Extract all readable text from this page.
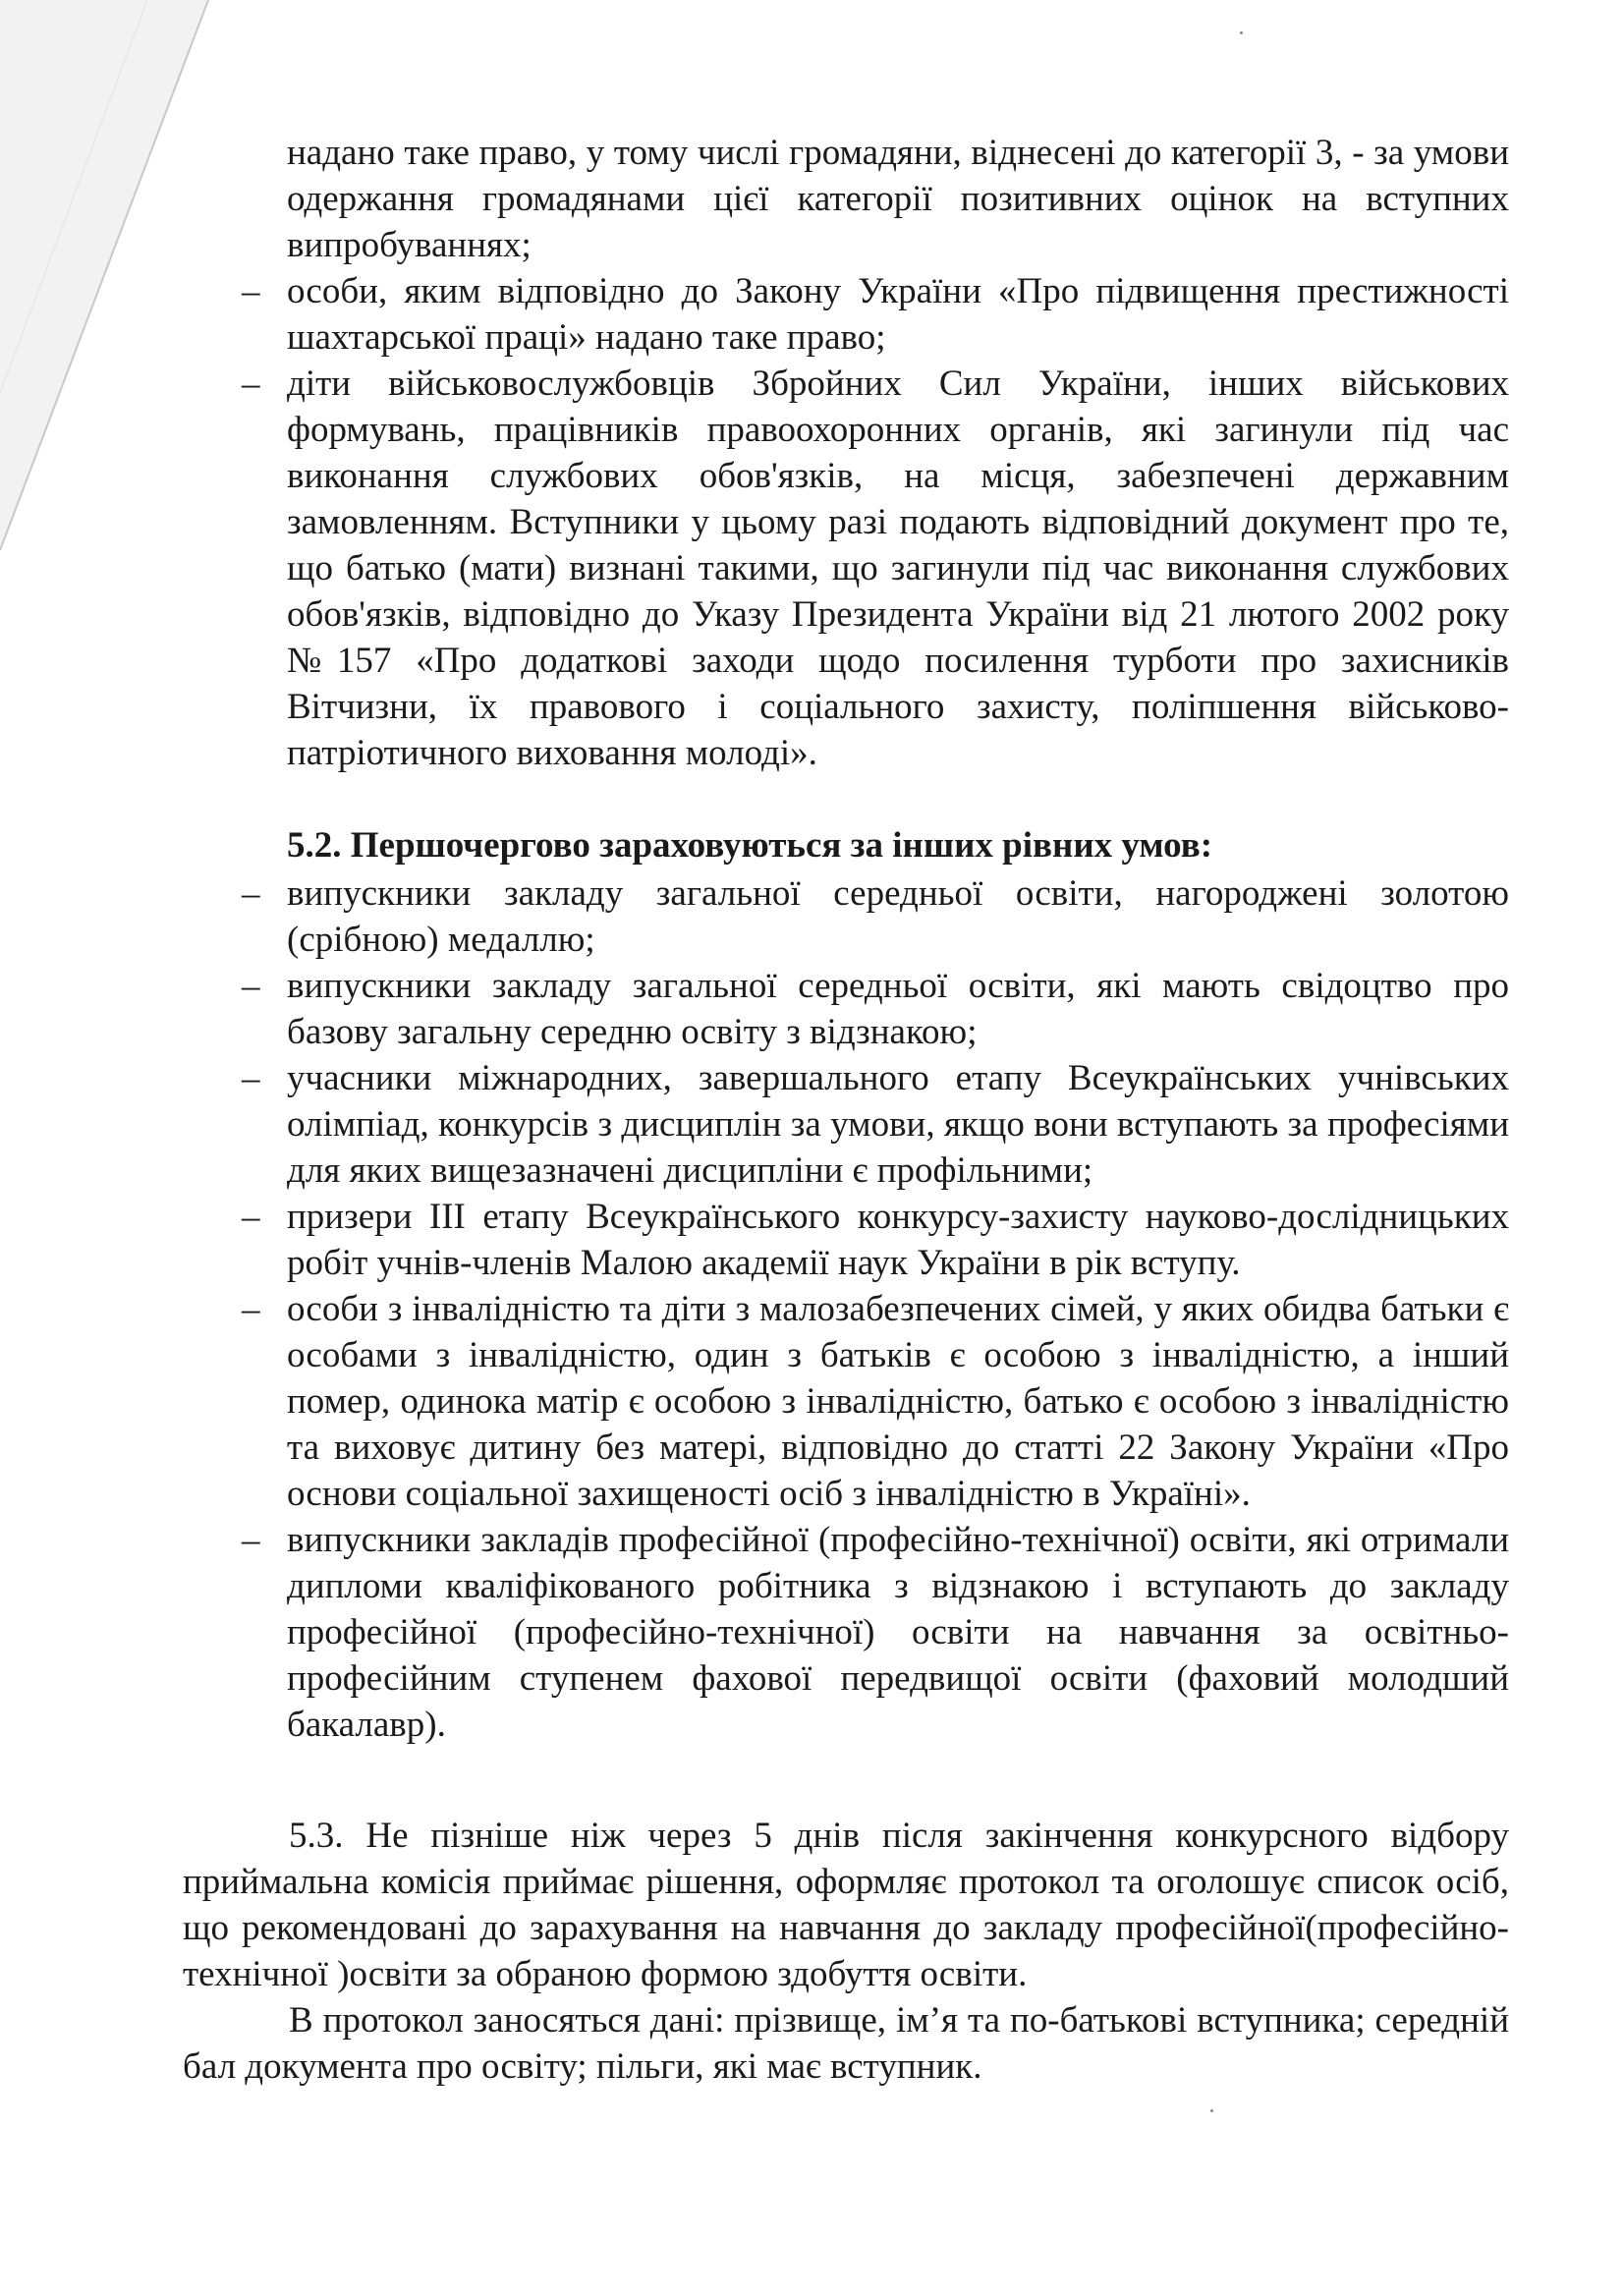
надано таке право, у тому числі громадяни, віднесені до категорії 3, - за умови одержання громадянами цієї категорії позитивних оцінок на вступних випробуваннях;

– особи, яким відповідно до Закону України «Про підвищення престижності шахтарської праці» надано таке право;
– діти військовослужбовців Збройних Сил України, інших військових формувань, працівників правоохоронних органів, які загинули під час виконання службових обов'язків, на місця, забезпечені державним замовленням. Вступники у цьому разі подають відповідний документ про те, що батько (мати) визнані такими, що загинули під час виконання службових обов'язків, відповідно до Указу Президента України від 21 лютого 2002 року №157 «Про додаткові заходи щодо посилення турботи про захисників Вітчизни, їх правового і соціального захисту, поліпшення військово-патріотичного виховання молоді».
5.2. Першочергово зараховуються за інших рівних умов:
– випускники закладу загальної середньої освіти, нагороджені золотою (срібною) медаллю;
– випускники закладу загальної середньої освіти, які мають свідоцтво про базову загальну середню освіту з відзнакою;
– учасники міжнародних, завершального етапу Всеукраїнських учнівських олімпіад, конкурсів з дисциплін за умови, якщо вони вступають за професіями для яких вищезазначені дисципліни є профільними;
– призери ІІІ етапу Всеукраїнського конкурсу-захисту науково-дослідницьких робіт учнів-членів Малою академії наук України в рік вступу.
– особи з інвалідністю та діти з малозабезпечених сімей, у яких обидва батьки є особами з інвалідністю, один з батьків є особою з інвалідністю, а інший помер, одинока матір є особою з інвалідністю, батько є особою з інвалідністю та виховує дитину без матері, відповідно до статті 22 Закону України «Про основи соціальної захищеності осіб з інвалідністю в Україні».
– випускники закладів професійної (професійно-технічної) освіти, які отримали дипломи кваліфікованого робітника з відзнакою і вступають до закладу професійної (професійно-технічної) освіти на навчання за освітньо-професійним ступенем фахової передвищої освіти (фаховий молодший бакалавр).

5.3. Не пізніше ніж через 5 днів після закінчення конкурсного відбору приймальна комісія приймає рішення, оформляє протокол та оголошує список осіб, що рекомендовані до зарахування на навчання до закладу професійної(професійно-технічної )освіти за обраною формою здобуття освіти.

В протокол заносяться дані: прізвище, ім’я та по-батькові вступника; середній бал документа про освіту; пільги, які має вступник.
